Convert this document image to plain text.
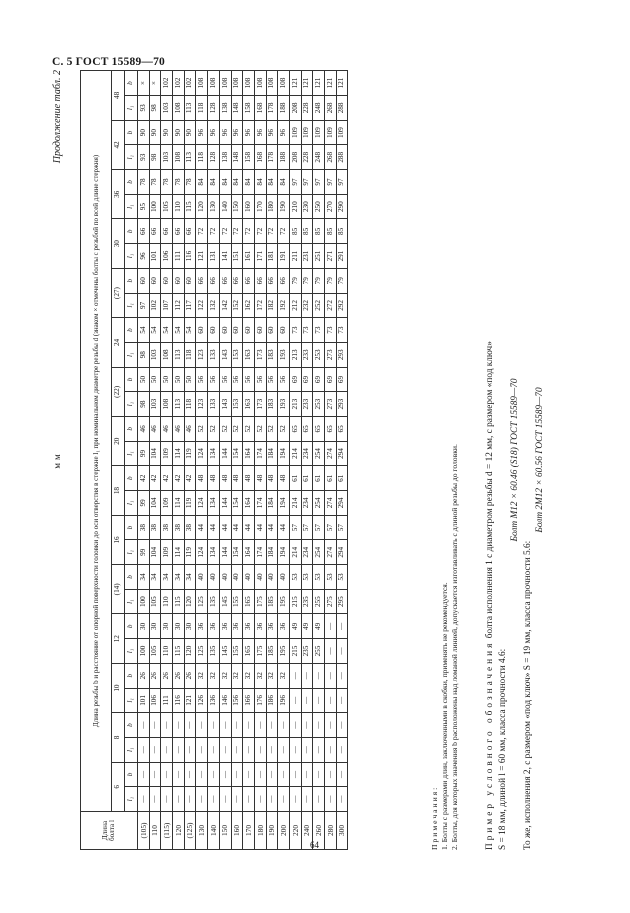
С. 5 ГОСТ 15589—70
Продолжение табл. 2
мм
Длина болта l	Длина резьбы b и расстояние от опорной поверхности головки до оси отверстия в стержне l₁ при номинальном диаметре резьбы d (знаком × отмечены болты с резьбой по всей длине стержня)																													
	6		8		10		12		(14)		16		18		20		(22)		24		(27)		30		36		42		48	
	l₁	b	l₁	b	l₁	b	l₁	b	l₁	b	l₁	b	l₁	b	l₁	b	l₁	b	l₁	b	l₁	b	l₁	b	l₁	b	l₁	b	l₁	b
(105)	—	—	—	—	101	26	100	30	100	34	99	38	99	42	99	46	98	50	98	54	97	60	96	66	95	78	93	90	93	×
110	—	—	—	—	106	26	105	30	105	34	104	38	104	42	104	46	103	50	103	54	102	60	101	66	100	78	98	90	98	×
(115)	—	—	—	—	111	26	110	30	110	34	109	38	109	42	109	46	108	50	108	54	107	60	106	66	105	78	103	90	103	102
120	—	—	—	—	116	26	115	30	115	34	114	38	114	42	114	46	113	50	113	54	112	60	111	66	110	78	108	90	108	102
(125)	—	—	—	—	121	26	120	30	120	34	119	38	119	42	119	46	118	50	118	54	117	60	116	66	115	78	113	90	113	102
130	—	—	—	—	126	32	125	36	125	40	124	44	124	48	124	52	123	56	123	60	122	66	121	72	120	84	118	96	118	108
140	—	—	—	—	136	32	135	36	135	40	134	44	134	48	134	52	133	56	133	60	132	66	131	72	130	84	128	96	128	108
150	—	—	—	—	146	32	145	36	145	40	144	44	144	48	144	52	143	56	143	60	142	66	141	72	140	84	138	96	138	108
160	—	—	—	—	156	32	155	36	155	40	154	44	154	48	154	52	153	56	153	60	152	66	151	72	150	84	148	96	148	108
170	—	—	—	—	166	32	165	36	165	40	164	44	164	48	164	52	163	56	163	60	162	66	161	72	160	84	158	96	158	108
180	—	—	—	—	176	32	175	36	175	40	174	44	174	48	174	52	173	56	173	60	172	66	171	72	170	84	168	96	168	108
190	—	—	—	—	186	32	185	36	185	40	184	44	184	48	184	52	183	56	183	60	182	66	181	72	180	84	178	96	178	108
200	—	—	—	—	196	32	195	36	195	40	194	44	194	48	194	52	193	56	193	60	192	66	191	72	190	84	188	96	188	108
220	—	—	—	—	—	—	215	49	215	53	214	57	214	61	214	65	213	69	213	73	212	79	211	85	210	97	208	109	208	121
240	—	—	—	—	—	—	235	49	235	53	234	57	234	61	234	65	233	69	233	73	232	79	231	85	230	97	228	109	228	121
260	—	—	—	—	—	—	255	49	255	53	254	57	254	61	254	65	253	69	253	73	252	79	251	85	250	97	248	109	248	121
280	—	—	—	—	—	—	—	—	275	53	274	57	274	61	274	65	273	69	273	73	272	79	271	85	270	97	268	109	268	121
300	—	—	—	—	—	—	—	—	295	53	294	57	294	61	294	65	293	69	293	73	292	79	291	85	290	97	288	109	288	121
Примечания: 1. Болты с размерами длин, заключенными в скобки, применять не рекомендуется. 2. Болты, для которых значения b расположены над ломаной линией, допускается изготавливать с длиной резьбы до головки.	Пример условного обозначения болта исполнения 1 с диаметром резьбы d = 12 мм, с размером «под ключ»
S = 18 мм, длиной l = 60 мм, класса прочности 4.6:
Болт М12 × 60.46 (S18) ГОСТ 15589—70
То же, исполнения 2, с размером «под ключ» S = 19 мм, класса прочности 5.6:
Болт 2М12 × 60.56 ГОСТ 15589—70
64
